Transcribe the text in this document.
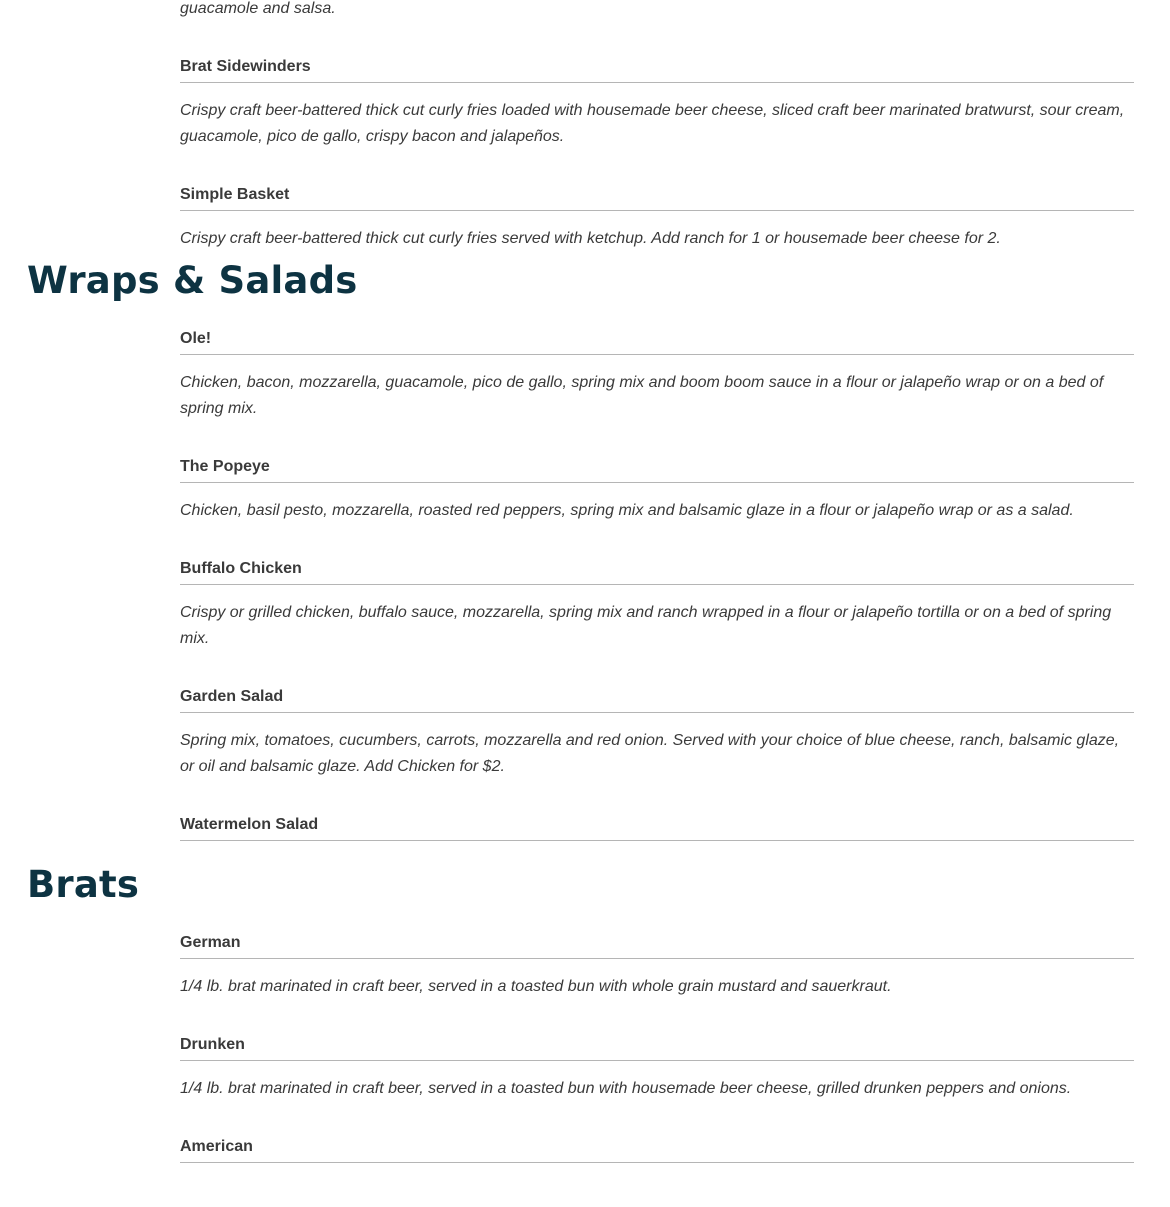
guacamole and salsa.

Brat Sidewinders

Crispy craft beer-battered thick cut curly fries loaded with housemade beer cheese, sliced craft beer marinated bratwurst, sour cream, guacamole, pico de gallo, crispy bacon and jalapeños.

Simple Basket

Crispy craft beer-battered thick cut curly fries served with ketchup. Add ranch for 1 or housemade beer cheese for 2.

Wraps & Salads
Ole!

Chicken, bacon, mozzarella, guacamole, pico de gallo, spring mix and boom boom sauce in a flour or jalapeño wrap or on a bed of spring mix.

The Popeye

Chicken, basil pesto, mozzarella, roasted red peppers, spring mix and balsamic glaze in a flour or jalapeño wrap or as a salad.

Buffalo Chicken

Crispy or grilled chicken, buffalo sauce, mozzarella, spring mix and ranch wrapped in a flour or jalapeño tortilla or on a bed of spring mix.

Garden Salad

Spring mix, tomatoes, cucumbers, carrots, mozzarella and red onion. Served with your choice of blue cheese, ranch, balsamic glaze, or oil and balsamic glaze. Add Chicken for $2.

Watermelon Salad
Brats
German

1/4 lb. brat marinated in craft beer, served in a toasted bun with whole grain mustard and sauerkraut.

Drunken

1/4 lb. brat marinated in craft beer, served in a toasted bun with housemade beer cheese, grilled drunken peppers and onions.

American
